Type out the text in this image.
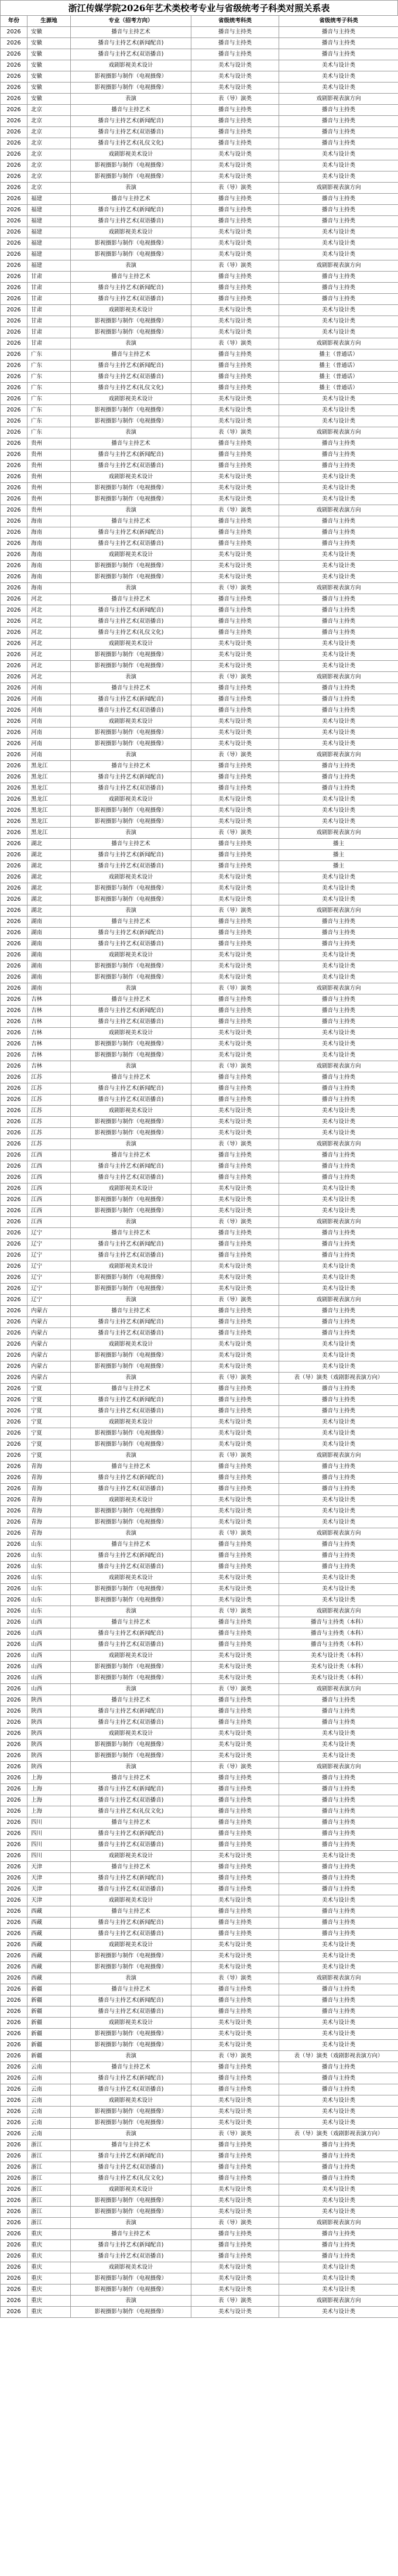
浙江传媒学院2026年艺术类校考专业与省级统考子科类对照关系表
年份	生源地	专业（招考方向）	省级统考科类	省级统考子科类
2026	安徽	播音与主持艺术	播音与主持类	播音与主持类
2026	安徽	播音与主持艺术(新闻配音)	播音与主持类	播音与主持类
2026	安徽	播音与主持艺术(双语播音)	播音与主持类	播音与主持类
2026	安徽	戏剧影视美术设计	美术与设计类	美术与设计类
2026	安徽	影视摄影与制作（电视摄像）	美术与设计类	美术与设计类
2026	安徽	影视摄影与制作（电视摄像）	美术与设计类	美术与设计类
2026	安徽	表演	表（导）演类	戏剧影视表演方向
2026	北京	播音与主持艺术	播音与主持类	播音与主持类
2026	北京	播音与主持艺术(新闻配音)	播音与主持类	播音与主持类
2026	北京	播音与主持艺术(双语播音)	播音与主持类	播音与主持类
2026	北京	播音与主持艺术(礼仪文化)	播音与主持类	播音与主持类
2026	北京	戏剧影视美术设计	美术与设计类	美术与设计类
2026	北京	影视摄影与制作（电视摄像）	美术与设计类	美术与设计类
2026	北京	影视摄影与制作（电视摄像）	美术与设计类	美术与设计类
2026	北京	表演	表（导）演类	戏剧影视表演方向
2026	福建	播音与主持艺术	播音与主持类	播音与主持类
2026	福建	播音与主持艺术(新闻配音)	播音与主持类	播音与主持类
2026	福建	播音与主持艺术(双语播音)	播音与主持类	播音与主持类
2026	福建	戏剧影视美术设计	美术与设计类	美术与设计类
2026	福建	影视摄影与制作（电视摄像）	美术与设计类	美术与设计类
2026	福建	影视摄影与制作（电视摄像）	美术与设计类	美术与设计类
2026	福建	表演	表（导）演类	戏剧影视表演方向
2026	甘肃	播音与主持艺术	播音与主持类	播音与主持类
2026	甘肃	播音与主持艺术(新闻配音)	播音与主持类	播音与主持类
2026	甘肃	播音与主持艺术(双语播音)	播音与主持类	播音与主持类
2026	甘肃	戏剧影视美术设计	美术与设计类	美术与设计类
2026	甘肃	影视摄影与制作（电视摄像）	美术与设计类	美术与设计类
2026	甘肃	影视摄影与制作（电视摄像）	美术与设计类	美术与设计类
2026	甘肃	表演	表（导）演类	戏剧影视表演方向
2026	广东	播音与主持艺术	播音与主持类	播主（普通话）
2026	广东	播音与主持艺术(新闻配音)	播音与主持类	播主（普通话）
2026	广东	播音与主持艺术(双语播音)	播音与主持类	播主（普通话）
2026	广东	播音与主持艺术(礼仪文化)	播音与主持类	播主（普通话）
2026	广东	戏剧影视美术设计	美术与设计类	美术与设计类
2026	广东	影视摄影与制作（电视摄像）	美术与设计类	美术与设计类
2026	广东	影视摄影与制作（电视摄像）	美术与设计类	美术与设计类
2026	广东	表演	表（导）演类	戏剧影视表演方向
2026	贵州	播音与主持艺术	播音与主持类	播音与主持类
2026	贵州	播音与主持艺术(新闻配音)	播音与主持类	播音与主持类
2026	贵州	播音与主持艺术(双语播音)	播音与主持类	播音与主持类
2026	贵州	戏剧影视美术设计	美术与设计类	美术与设计类
2026	贵州	影视摄影与制作（电视摄像）	美术与设计类	美术与设计类
2026	贵州	影视摄影与制作（电视摄像）	美术与设计类	美术与设计类
2026	贵州	表演	表（导）演类	戏剧影视表演方向
2026	海南	播音与主持艺术	播音与主持类	播音与主持类
2026	海南	播音与主持艺术(新闻配音)	播音与主持类	播音与主持类
2026	海南	播音与主持艺术(双语播音)	播音与主持类	播音与主持类
2026	海南	戏剧影视美术设计	美术与设计类	美术与设计类
2026	海南	影视摄影与制作（电视摄像）	美术与设计类	美术与设计类
2026	海南	影视摄影与制作（电视摄像）	美术与设计类	美术与设计类
2026	海南	表演	表（导）演类	戏剧影视表演方向
2026	河北	播音与主持艺术	播音与主持类	播音与主持类
2026	河北	播音与主持艺术(新闻配音)	播音与主持类	播音与主持类
2026	河北	播音与主持艺术(双语播音)	播音与主持类	播音与主持类
2026	河北	播音与主持艺术(礼仪文化)	播音与主持类	播音与主持类
2026	河北	戏剧影视美术设计	美术与设计类	美术与设计类
2026	河北	影视摄影与制作（电视摄像）	美术与设计类	美术与设计类
2026	河北	影视摄影与制作（电视摄像）	美术与设计类	美术与设计类
2026	河北	表演	表（导）演类	戏剧影视表演方向
2026	河南	播音与主持艺术	播音与主持类	播音与主持类
2026	河南	播音与主持艺术(新闻配音)	播音与主持类	播音与主持类
2026	河南	播音与主持艺术(双语播音)	播音与主持类	播音与主持类
2026	河南	戏剧影视美术设计	美术与设计类	美术与设计类
2026	河南	影视摄影与制作（电视摄像）	美术与设计类	美术与设计类
2026	河南	影视摄影与制作（电视摄像）	美术与设计类	美术与设计类
2026	河南	表演	表（导）演类	戏剧影视表演方向
2026	黑龙江	播音与主持艺术	播音与主持类	播音与主持类
2026	黑龙江	播音与主持艺术(新闻配音)	播音与主持类	播音与主持类
2026	黑龙江	播音与主持艺术(双语播音)	播音与主持类	播音与主持类
2026	黑龙江	戏剧影视美术设计	美术与设计类	美术与设计类
2026	黑龙江	影视摄影与制作（电视摄像）	美术与设计类	美术与设计类
2026	黑龙江	影视摄影与制作（电视摄像）	美术与设计类	美术与设计类
2026	黑龙江	表演	表（导）演类	戏剧影视表演方向
2026	湖北	播音与主持艺术	播音与主持类	播主
2026	湖北	播音与主持艺术(新闻配音)	播音与主持类	播主
2026	湖北	播音与主持艺术(双语播音)	播音与主持类	播主
2026	湖北	戏剧影视美术设计	美术与设计类	美术与设计类
2026	湖北	影视摄影与制作（电视摄像）	美术与设计类	美术与设计类
2026	湖北	影视摄影与制作（电视摄像）	美术与设计类	美术与设计类
2026	湖北	表演	表（导）演类	戏剧影视表演方向
2026	湖南	播音与主持艺术	播音与主持类	播音与主持类
2026	湖南	播音与主持艺术(新闻配音)	播音与主持类	播音与主持类
2026	湖南	播音与主持艺术(双语播音)	播音与主持类	播音与主持类
2026	湖南	戏剧影视美术设计	美术与设计类	美术与设计类
2026	湖南	影视摄影与制作（电视摄像）	美术与设计类	美术与设计类
2026	湖南	影视摄影与制作（电视摄像）	美术与设计类	美术与设计类
2026	湖南	表演	表（导）演类	戏剧影视表演方向
2026	吉林	播音与主持艺术	播音与主持类	播音与主持类
2026	吉林	播音与主持艺术(新闻配音)	播音与主持类	播音与主持类
2026	吉林	播音与主持艺术(双语播音)	播音与主持类	播音与主持类
2026	吉林	戏剧影视美术设计	美术与设计类	美术与设计类
2026	吉林	影视摄影与制作（电视摄像）	美术与设计类	美术与设计类
2026	吉林	影视摄影与制作（电视摄像）	美术与设计类	美术与设计类
2026	吉林	表演	表（导）演类	戏剧影视表演方向
2026	江苏	播音与主持艺术	播音与主持类	播音与主持类
2026	江苏	播音与主持艺术(新闻配音)	播音与主持类	播音与主持类
2026	江苏	播音与主持艺术(双语播音)	播音与主持类	播音与主持类
2026	江苏	戏剧影视美术设计	美术与设计类	美术与设计类
2026	江苏	影视摄影与制作（电视摄像）	美术与设计类	美术与设计类
2026	江苏	影视摄影与制作（电视摄像）	美术与设计类	美术与设计类
2026	江苏	表演	表（导）演类	戏剧影视表演方向
2026	江西	播音与主持艺术	播音与主持类	播音与主持类
2026	江西	播音与主持艺术(新闻配音)	播音与主持类	播音与主持类
2026	江西	播音与主持艺术(双语播音)	播音与主持类	播音与主持类
2026	江西	戏剧影视美术设计	美术与设计类	美术与设计类
2026	江西	影视摄影与制作（电视摄像）	美术与设计类	美术与设计类
2026	江西	影视摄影与制作（电视摄像）	美术与设计类	美术与设计类
2026	江西	表演	表（导）演类	戏剧影视表演方向
2026	辽宁	播音与主持艺术	播音与主持类	播音与主持类
2026	辽宁	播音与主持艺术(新闻配音)	播音与主持类	播音与主持类
2026	辽宁	播音与主持艺术(双语播音)	播音与主持类	播音与主持类
2026	辽宁	戏剧影视美术设计	美术与设计类	美术与设计类
2026	辽宁	影视摄影与制作（电视摄像）	美术与设计类	美术与设计类
2026	辽宁	影视摄影与制作（电视摄像）	美术与设计类	美术与设计类
2026	辽宁	表演	表（导）演类	戏剧影视表演方向
2026	内蒙古	播音与主持艺术	播音与主持类	播音与主持类
2026	内蒙古	播音与主持艺术(新闻配音)	播音与主持类	播音与主持类
2026	内蒙古	播音与主持艺术(双语播音)	播音与主持类	播音与主持类
2026	内蒙古	戏剧影视美术设计	美术与设计类	美术与设计类
2026	内蒙古	影视摄影与制作（电视摄像）	美术与设计类	美术与设计类
2026	内蒙古	影视摄影与制作（电视摄像）	美术与设计类	美术与设计类
2026	内蒙古	表演	表（导）演类	表（导）演类（戏剧影视表演方向）
2026	宁夏	播音与主持艺术	播音与主持类	播音与主持类
2026	宁夏	播音与主持艺术(新闻配音)	播音与主持类	播音与主持类
2026	宁夏	播音与主持艺术(双语播音)	播音与主持类	播音与主持类
2026	宁夏	戏剧影视美术设计	美术与设计类	美术与设计类
2026	宁夏	影视摄影与制作（电视摄像）	美术与设计类	美术与设计类
2026	宁夏	影视摄影与制作（电视摄像）	美术与设计类	美术与设计类
2026	宁夏	表演	表（导）演类	戏剧影视表演方向
2026	青海	播音与主持艺术	播音与主持类	播音与主持类
2026	青海	播音与主持艺术(新闻配音)	播音与主持类	播音与主持类
2026	青海	播音与主持艺术(双语播音)	播音与主持类	播音与主持类
2026	青海	戏剧影视美术设计	美术与设计类	美术与设计类
2026	青海	影视摄影与制作（电视摄像）	美术与设计类	美术与设计类
2026	青海	影视摄影与制作（电视摄像）	美术与设计类	美术与设计类
2026	青海	表演	表（导）演类	戏剧影视表演方向
2026	山东	播音与主持艺术	播音与主持类	播音与主持类
2026	山东	播音与主持艺术(新闻配音)	播音与主持类	播音与主持类
2026	山东	播音与主持艺术(双语播音)	播音与主持类	播音与主持类
2026	山东	戏剧影视美术设计	美术与设计类	美术与设计类
2026	山东	影视摄影与制作（电视摄像）	美术与设计类	美术与设计类
2026	山东	影视摄影与制作（电视摄像）	美术与设计类	美术与设计类
2026	山东	表演	表（导）演类	戏剧影视表演方向
2026	山西	播音与主持艺术	播音与主持类	播音与主持类（本科）
2026	山西	播音与主持艺术(新闻配音)	播音与主持类	播音与主持类（本科）
2026	山西	播音与主持艺术(双语播音)	播音与主持类	播音与主持类（本科）
2026	山西	戏剧影视美术设计	美术与设计类	美术与设计类（本科）
2026	山西	影视摄影与制作（电视摄像）	美术与设计类	美术与设计类（本科）
2026	山西	影视摄影与制作（电视摄像）	美术与设计类	美术与设计类（本科）
2026	山西	表演	表（导）演类	戏剧影视表演方向
2026	陕西	播音与主持艺术	播音与主持类	播音与主持类
2026	陕西	播音与主持艺术(新闻配音)	播音与主持类	播音与主持类
2026	陕西	播音与主持艺术(双语播音)	播音与主持类	播音与主持类
2026	陕西	戏剧影视美术设计	美术与设计类	美术与设计类
2026	陕西	影视摄影与制作（电视摄像）	美术与设计类	美术与设计类
2026	陕西	影视摄影与制作（电视摄像）	美术与设计类	美术与设计类
2026	陕西	表演	表（导）演类	戏剧影视表演方向
2026	上海	播音与主持艺术	播音与主持类	播音与主持类
2026	上海	播音与主持艺术(新闻配音)	播音与主持类	播音与主持类
2026	上海	播音与主持艺术(双语播音)	播音与主持类	播音与主持类
2026	上海	播音与主持艺术(礼仪文化)	播音与主持类	播音与主持类
2026	四川	播音与主持艺术	播音与主持类	播音与主持类
2026	四川	播音与主持艺术(新闻配音)	播音与主持类	播音与主持类
2026	四川	播音与主持艺术(双语播音)	播音与主持类	播音与主持类
2026	四川	戏剧影视美术设计	美术与设计类	美术与设计类
2026	天津	播音与主持艺术	播音与主持类	播音与主持类
2026	天津	播音与主持艺术(新闻配音)	播音与主持类	播音与主持类
2026	天津	播音与主持艺术(双语播音)	播音与主持类	播音与主持类
2026	天津	戏剧影视美术设计	美术与设计类	美术与设计类
2026	西藏	播音与主持艺术	播音与主持类	播音与主持类
2026	西藏	播音与主持艺术(新闻配音)	播音与主持类	播音与主持类
2026	西藏	播音与主持艺术(双语播音)	播音与主持类	播音与主持类
2026	西藏	戏剧影视美术设计	美术与设计类	美术与设计类
2026	西藏	影视摄影与制作（电视摄像）	美术与设计类	美术与设计类
2026	西藏	影视摄影与制作（电视摄像）	美术与设计类	美术与设计类
2026	西藏	表演	表（导）演类	戏剧影视表演方向
2026	新疆	播音与主持艺术	播音与主持类	播音与主持类
2026	新疆	播音与主持艺术(新闻配音)	播音与主持类	播音与主持类
2026	新疆	播音与主持艺术(双语播音)	播音与主持类	播音与主持类
2026	新疆	戏剧影视美术设计	美术与设计类	美术与设计类
2026	新疆	影视摄影与制作（电视摄像）	美术与设计类	美术与设计类
2026	新疆	影视摄影与制作（电视摄像）	美术与设计类	美术与设计类
2026	新疆	表演	表（导）演类	表（导）演类（戏剧影视表演方向）
2026	云南	播音与主持艺术	播音与主持类	播音与主持类
2026	云南	播音与主持艺术(新闻配音)	播音与主持类	播音与主持类
2026	云南	播音与主持艺术(双语播音)	播音与主持类	播音与主持类
2026	云南	戏剧影视美术设计	美术与设计类	美术与设计类
2026	云南	影视摄影与制作（电视摄像）	美术与设计类	美术与设计类
2026	云南	影视摄影与制作（电视摄像）	美术与设计类	美术与设计类
2026	云南	表演	表（导）演类	表（导）演类（戏剧影视表演方向）
2026	浙江	播音与主持艺术	播音与主持类	播音与主持类
2026	浙江	播音与主持艺术(新闻配音)	播音与主持类	播音与主持类
2026	浙江	播音与主持艺术(双语播音)	播音与主持类	播音与主持类
2026	浙江	播音与主持艺术(礼仪文化)	播音与主持类	播音与主持类
2026	浙江	戏剧影视美术设计	美术与设计类	美术与设计类
2026	浙江	影视摄影与制作（电视摄像）	美术与设计类	美术与设计类
2026	浙江	影视摄影与制作（电视摄像）	美术与设计类	美术与设计类
2026	浙江	表演	表（导）演类	戏剧影视表演方向
2026	重庆	播音与主持艺术	播音与主持类	播音与主持类
2026	重庆	播音与主持艺术(新闻配音)	播音与主持类	播音与主持类
2026	重庆	播音与主持艺术(双语播音)	播音与主持类	播音与主持类
2026	重庆	戏剧影视美术设计	美术与设计类	美术与设计类
2026	重庆	影视摄影与制作（电视摄像）	美术与设计类	美术与设计类
2026	重庆	影视摄影与制作（电视摄像）	美术与设计类	美术与设计类
2026	重庆	表演	表（导）演类	戏剧影视表演方向
2026	重庆	影视摄影与制作（电视摄像）	美术与设计类	美术与设计类
